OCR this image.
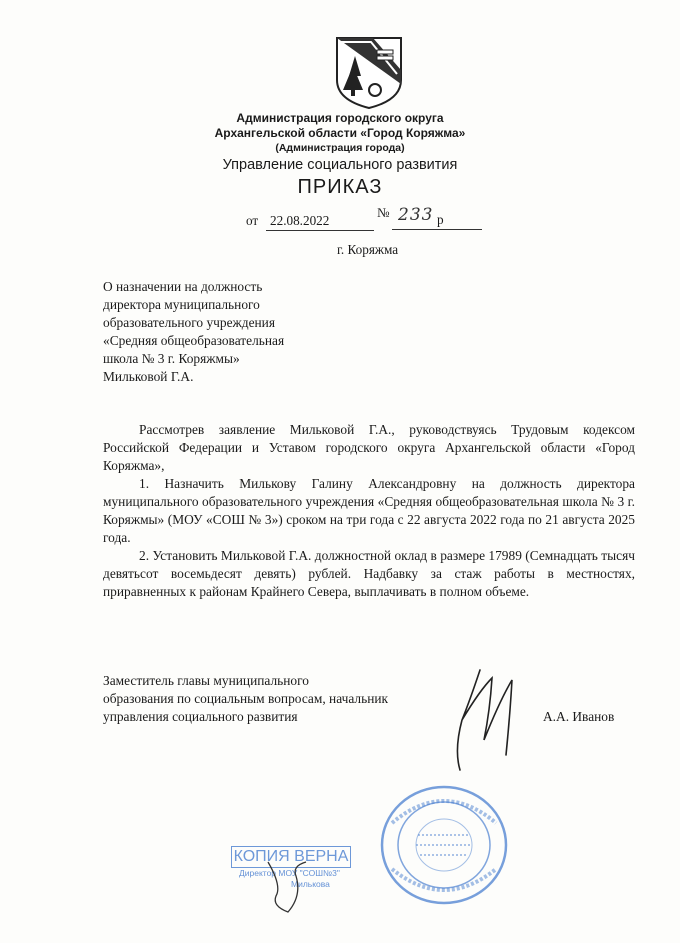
Администрация городского округа
Архангельской области «Город Коряжма»
(Администрация города)
Управление социального развития
ПРИКАЗ
от 22.08.2022
№ 233 р
г. Коряжма
О назначении на должность
директора муниципального
образовательного учреждения
«Средняя общеобразовательная
школа № 3 г. Коряжмы»
Мильковой Г.А.
Рассмотрев заявление Мильковой Г.А., руководствуясь Трудовым кодексом Российской Федерации и Уставом городского округа Архангельской области «Город Коряжма»,
1. Назначить Милькову Галину Александровну на должность директора муниципального образовательного учреждения «Средняя общеобразовательная школа № 3 г. Коряжмы» (МОУ «СОШ № 3») сроком на три года с 22 августа 2022 года по 21 августа 2025 года.
2. Установить Мильковой Г.А. должностной оклад в размере 17989 (Семнадцать тысяч девятьсот восемьдесят девять) рублей. Надбавку за стаж работы в местностях, приравненных к районам Крайнего Севера, выплачивать в полном объеме.
Заместитель главы муниципального
образования по социальным вопросам, начальник
управления социального развития	А.А. Иванов
КОПИЯ ВЕРНА
Директор МОУ "СОШ№3"
Милькова
